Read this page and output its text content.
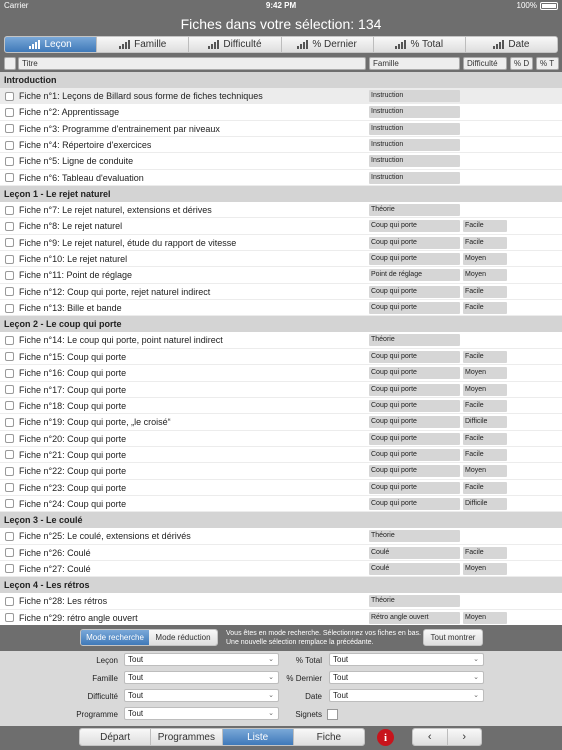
Carrier	9:42 PM	100%
Fiches dans votre sélection: 134
Leçon	Famille	Difficulté	% Dernier	% Total	Date
Titre	Famille	Difficulté	% D	% T
Introduction
Fiche n°1: Leçons de Billard sous forme de fiches techniques	Instruction
Fiche n°2: Apprentissage	Instruction
Fiche n°3: Programme d'entrainement par niveaux	Instruction
Fiche n°4: Répertoire d'exercices	Instruction
Fiche n°5: Ligne de conduite	Instruction
Fiche n°6: Tableau d'evaluation	Instruction
Leçon 1 - Le rejet naturel
Fiche n°7: Le rejet naturel, extensions et dérives	Théorie
Fiche n°8: Le rejet naturel	Coup qui porte	Facile
Fiche n°9: Le rejet naturel, étude du rapport de vitesse	Coup qui porte	Facile
Fiche n°10: Le rejet naturel	Coup qui porte	Moyen
Fiche n°11: Point de réglage	Point de réglage	Moyen
Fiche n°12: Coup qui porte, rejet naturel indirect	Coup qui porte	Facile
Fiche n°13: Bille et bande	Coup qui porte	Facile
Leçon 2 - Le coup qui porte
Fiche n°14: Le coup qui porte, point naturel indirect	Théorie
Fiche n°15: Coup qui porte	Coup qui porte	Facile
Fiche n°16: Coup qui porte	Coup qui porte	Moyen
Fiche n°17: Coup qui porte	Coup qui porte	Moyen
Fiche n°18: Coup qui porte	Coup qui porte	Facile
Fiche n°19: Coup qui porte, „le croisé“	Coup qui porte	Difficile
Fiche n°20: Coup qui porte	Coup qui porte	Facile
Fiche n°21: Coup qui porte	Coup qui porte	Facile
Fiche n°22: Coup qui porte	Coup qui porte	Moyen
Fiche n°23: Coup qui porte	Coup qui porte	Facile
Fiche n°24: Coup qui porte	Coup qui porte	Difficile
Leçon 3 - Le coulé
Fiche n°25: Le coulé, extensions et dérivés	Théorie
Fiche n°26: Coulé	Coulé	Facile
Fiche n°27: Coulé	Coulé	Moyen
Leçon 4 - Les rétros
Fiche n°28: Les rétros	Théorie
Fiche n°29: rétro angle ouvert	Rétro angle ouvert	Moyen
Mode recherche	Mode réduction	Vous êtes en mode recherche. Sélectionnez vos fiches en bas. Une nouvelle sélection remplace la précédante.
Tout montrer
Leçon	Tout	⌄
Famille	Tout	⌄
Difficulté	Tout	⌄
Programme	Tout	⌄
% Total	Tout	⌄
% Dernier	Tout	⌄
Date	Tout	⌄
Signets
Départ	Programmes	Liste	Fiche	i	‹	›
